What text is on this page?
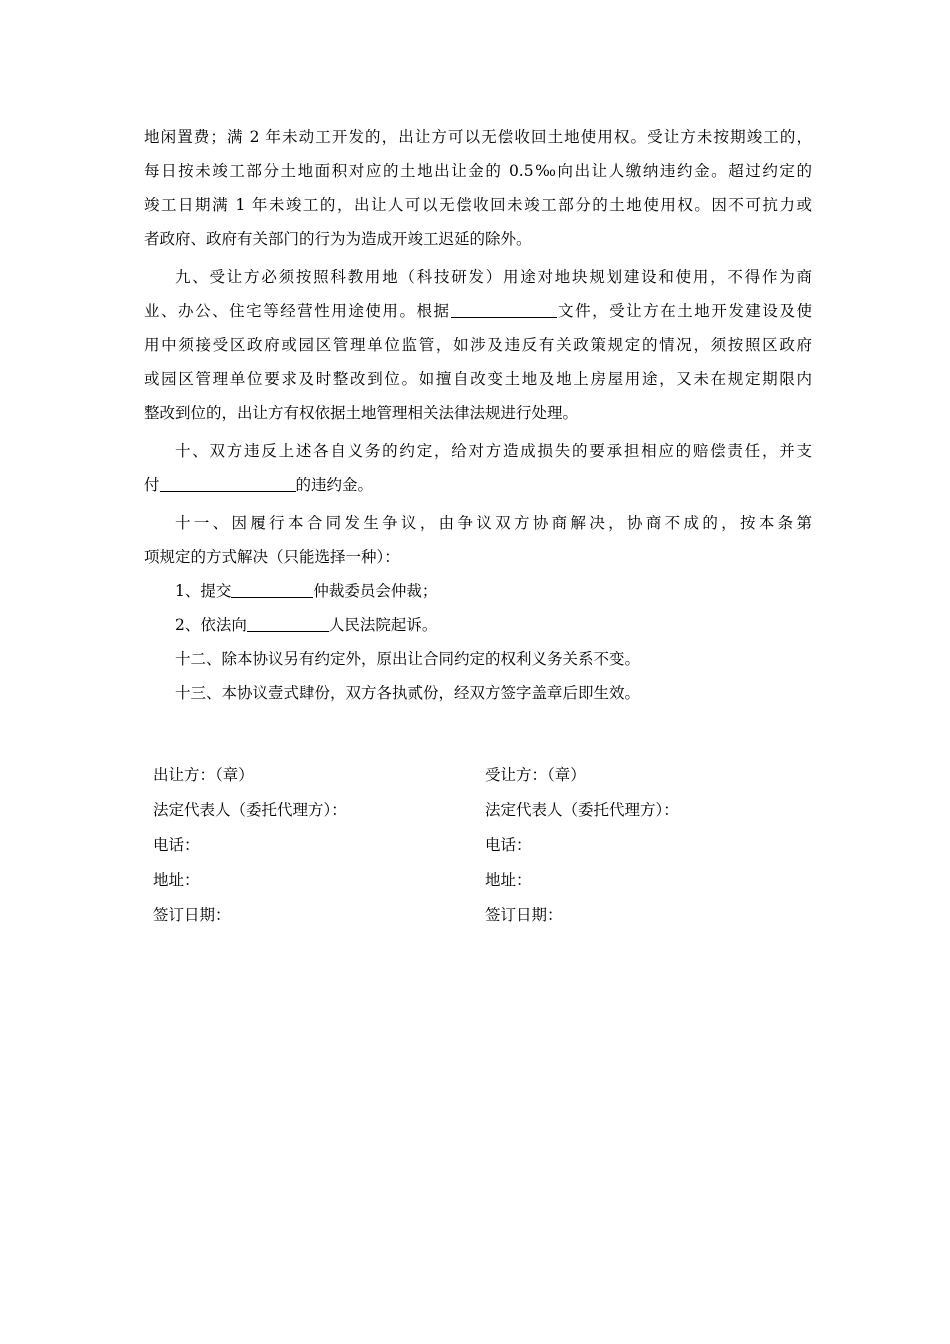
地闲置费；满 2 年未动工开发的，出让方可以无偿收回土地使用权。受让方未按期竣工的，
每日按未竣工部分土地面积对应的土地出让金的 0.5‰向出让人缴纳违约金。超过约定的
竣工日期满 1 年未竣工的，出让人可以无偿收回未竣工部分的土地使用权。因不可抗力或
者政府、政府有关部门的行为为造成开竣工迟延的除外。
九、受让方必须按照科教用地（科技研发）用途对地块规划建设和使用，不得作为商
业、办公、住宅等经营性用途使用。根据	文件，受让方在土地开发建设及使
用中须接受区政府或园区管理单位监管，如涉及违反有关政策规定的情况，须按照区政府
或园区管理单位要求及时整改到位。如擅自改变土地及地上房屋用途，又未在规定期限内
整改到位的，出让方有权依据土地管理相关法律法规进行处理。
十、双方违反上述各自义务的约定，给对方造成损失的要承担相应的赔偿责任，并支
付	的违约金。
十一、因履行本合同发生争议，由争议双方协商解决，协商不成的，按本条第
项规定的方式解决（只能选择一种）：
1、提交	仲裁委员会仲裁；
2、依法向	人民法院起诉。
十二、除本协议另有约定外，原出让合同约定的权利义务关系不变。
十三、本协议壹式肆份，双方各执贰份，经双方签字盖章后即生效。
出让方：（章）	受让方：（章）
法定代表人（委托代理方）：	法定代表人（委托代理方）：
电话：	电话：
地址：	地址：
签订日期：	签订日期：
